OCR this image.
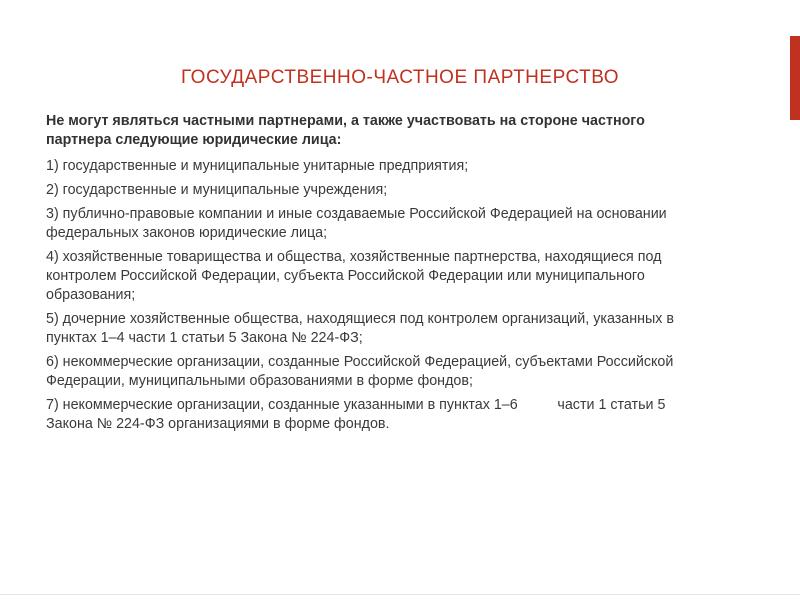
ГОСУДАРСТВЕННО-ЧАСТНОЕ ПАРТНЕРСТВО

Не могут являться частными партнерами, а также участвовать на стороне частного партнера следующие юридические лица:

1) государственные и муниципальные унитарные предприятия;
2) государственные и муниципальные учреждения;
3) публично-правовые компании и иные создаваемые Российской Федерацией на основании федеральных законов юридические лица;
4) хозяйственные товарищества и общества, хозяйственные партнерства, находящиеся под контролем Российской Федерации, субъекта Российской Федерации или муниципального образования;
5) дочерние хозяйственные общества, находящиеся под контролем организаций, указанных в пунктах 1–4 части 1 статьи 5 Закона № 224-ФЗ;
6) некоммерческие организации, созданные Российской Федерацией, субъектами Российской Федерации, муниципальными образованиями в форме фондов;
7) некоммерческие организации, созданные указанными в пунктах 1–6          части 1 статьи 5 Закона № 224-ФЗ организациями в форме фондов.
